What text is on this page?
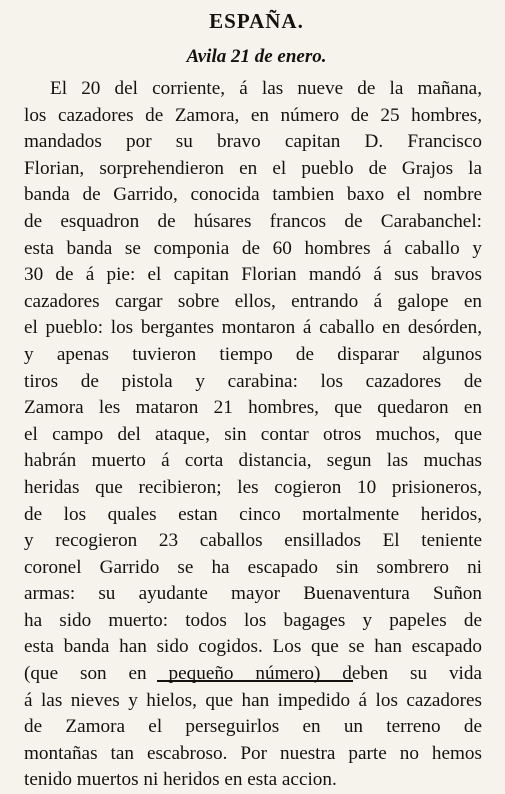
ESPAÑA.
Avila 21 de enero.
El 20 del corriente, á las nueve de la mañana,
los cazadores de Zamora, en número de 25 hombres,
mandados por su bravo capitan D. Francisco
Florian, sorprehendieron en el pueblo de Grajos la
banda de Garrido, conocida tambien baxo el nombre
de esquadron de húsares francos de Carabanchel:
esta banda se componia de 60 hombres á caballo y
30 de á pie: el capitan Florian mandó á sus bravos
cazadores cargar sobre ellos, entrando á galope en
el pueblo: los bergantes montaron á caballo en desórden,
y apenas tuvieron tiempo de disparar algunos
tiros de pistola y carabina: los cazadores de
Zamora les mataron 21 hombres, que quedaron en
el campo del ataque, sin contar otros muchos, que
habrán muerto á corta distancia, segun las muchas
heridas que recibieron; les cogieron 10 prisioneros,
de los quales estan cinco mortalmente heridos,
y recogieron 23 caballos ensillados El teniente
coronel Garrido se ha escapado sin sombrero ni
armas: su ayudante mayor Buenaventura Suñon
ha sido muerto: todos los bagages y papeles de
esta banda han sido cogidos. Los que se han escapado
(que son en pequeño número) deben su vida
á las nieves y hielos, que han impedido á los cazadores
de Zamora el perseguirlos en un terreno de
montañas tan escabroso. Por nuestra parte no hemos
tenido muertos ni heridos en esta accion.
